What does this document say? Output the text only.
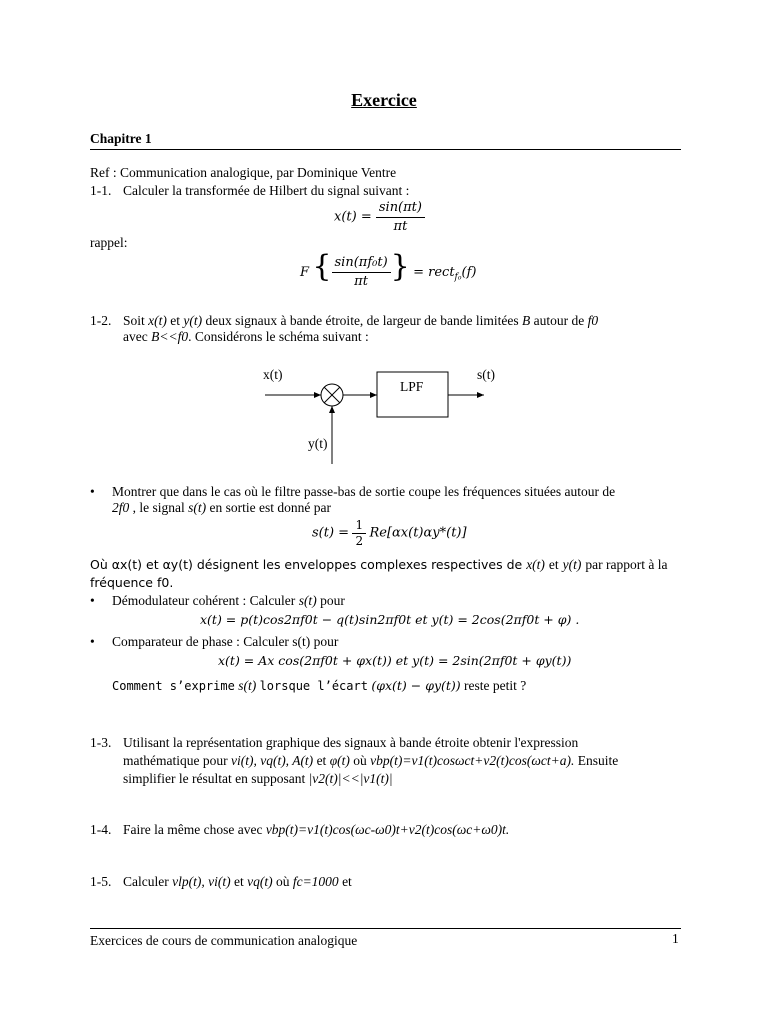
Exercice
Chapitre 1
Ref : Communication analogique, par Dominique Ventre
1-1. Calculer la transformée de Hilbert du signal suivant :
$x(t) = \frac{\sin(\pi t)}{\pi t}$
rappel:
F { $\frac{\text{sin(πf₀t)}}{\pi t}$ } = rect$_{f_0}$(f)
1-2. Soit x(t) et y(t) deux signaux à bande étroite, de largeur de bande limitées B autour de f0
avec B<<f0. Considérons le schéma suivant :
x(t)	s(t)
y(t)
LPF
• Montrer que dans le cas où le filtre passe-bas de sortie coupe les fréquences situées autour de
2f0 , le signal s(t) en sortie est donné par
$s(t) = \frac{1}{2} Re[\alpha x(t)\alpha y*(t)]$
Où αx(t) et αy(t) désignent les enveloppes complexes respectives de x(t) et y(t) par rapport à la
fréquence f0.
• Démodulateur cohérent : Calculer s(t) pour
x(t) = p(t)cos2πf0t − q(t)sin2πf0t et y(t) = 2cos(2πf0t + φ) .
• Comparateur de phase : Calculer s(t) pour
x(t) = Ax cos(2πf0t + φx(t)) et y(t) = 2sin(2πf0t + φy(t))
Comment s’exprime s(t) lorsque l’écart (φx(t) − φy(t)) reste petit ?
1-3. Utilisant la représentation graphique des signaux à bande étroite obtenir l'expression
mathématique pour vi(t), vq(t), A(t) et φ(t) où vbp(t)=v1(t)cosωct+v2(t)cos(ωct+a). Ensuite
simplifier le résultat en supposant |v2(t)|<<|v1(t)|
1-4. Faire la même chose avec vbp(t)=v1(t)cos(ωc-ω0)t+v2(t)cos(ωc+ω0)t.
1-5. Calculer vlp(t), vi(t) et vq(t) où fc=1000 et
Exercices de cours de communication analogique	1
